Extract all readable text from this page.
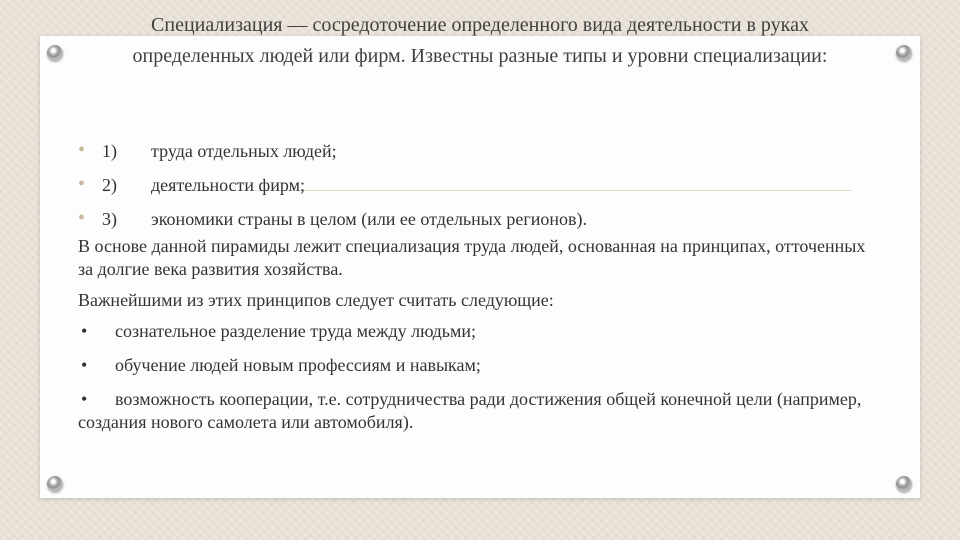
Специализация — сосредоточение определенного вида деятельности в руках определенных людей или фирм. Известны разные типы и уровни специализации:
• 1) труда отдельных людей;
• 2) деятельности фирм;
• 3) экономики страны в целом (или ее отдельных регионов).

В основе данной пирамиды лежит специализация труда людей, основанная на принципах, отточенных за долгие века развития хозяйства.

Важнейшими из этих принципов следует считать следующие:

•	сознательное разделение труда между людьми;
•	обучение людей новым профессиям и навыкам;
•	возможность кооперации, т.е. сотрудничества ради достижения общей конечной цели (например, создания нового самолета или автомобиля).
